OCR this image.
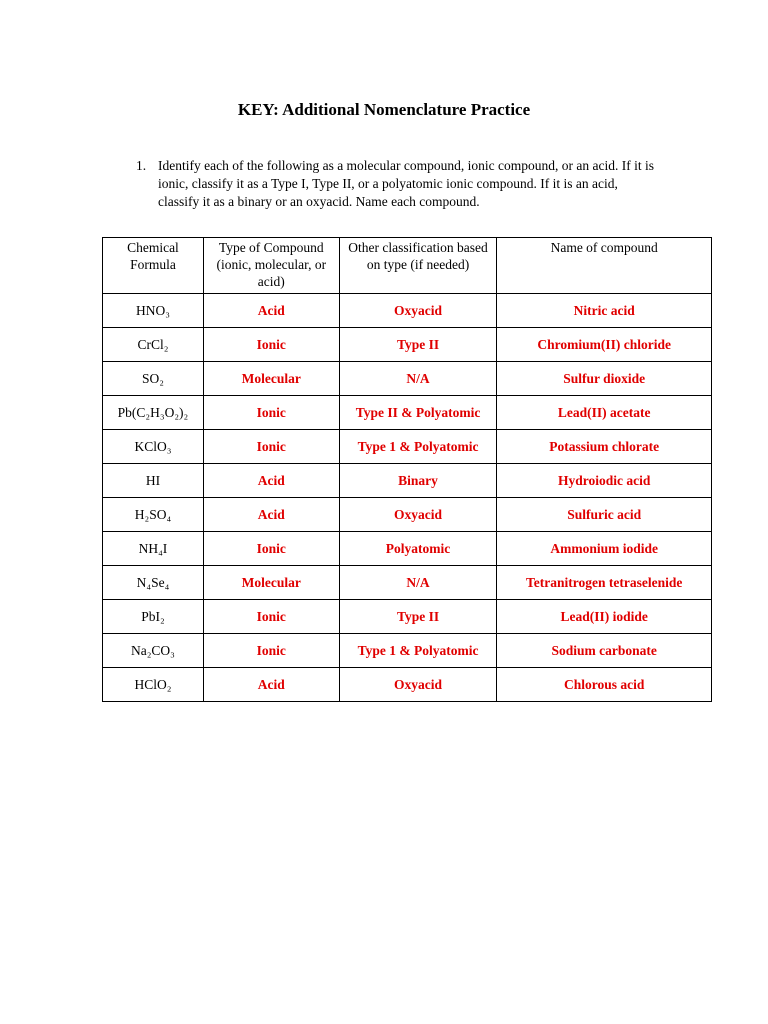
KEY: Additional Nomenclature Practice
1. Identify each of the following as a molecular compound, ionic compound, or an acid. If it is ionic, classify it as a Type I, Type II, or a polyatomic ionic compound. If it is an acid, classify it as a binary or an oxyacid. Name each compound.
Chemical Formula	Type of Compound (ionic, molecular, or acid)	Other classification based on type (if needed)	Name of compound
HNO₃	Acid	Oxyacid	Nitric acid
CrCl₂	Ionic	Type II	Chromium(II) chloride
SO₂	Molecular	N/A	Sulfur dioxide
Pb(C₂H₃O₂)₂	Ionic	Type II & Polyatomic	Lead(II) acetate
KClO₃	Ionic	Type 1 & Polyatomic	Potassium chlorate
HI	Acid	Binary	Hydroiodic acid
H₂SO₄	Acid	Oxyacid	Sulfuric acid
NH₄I	Ionic	Polyatomic	Ammonium iodide
N₄Se₄	Molecular	N/A	Tetranitrogen tetraselenide
PbI₂	Ionic	Type II	Lead(II) iodide
Na₂CO₃	Ionic	Type 1 & Polyatomic	Sodium carbonate
HClO₂	Acid	Oxyacid	Chlorous acid
